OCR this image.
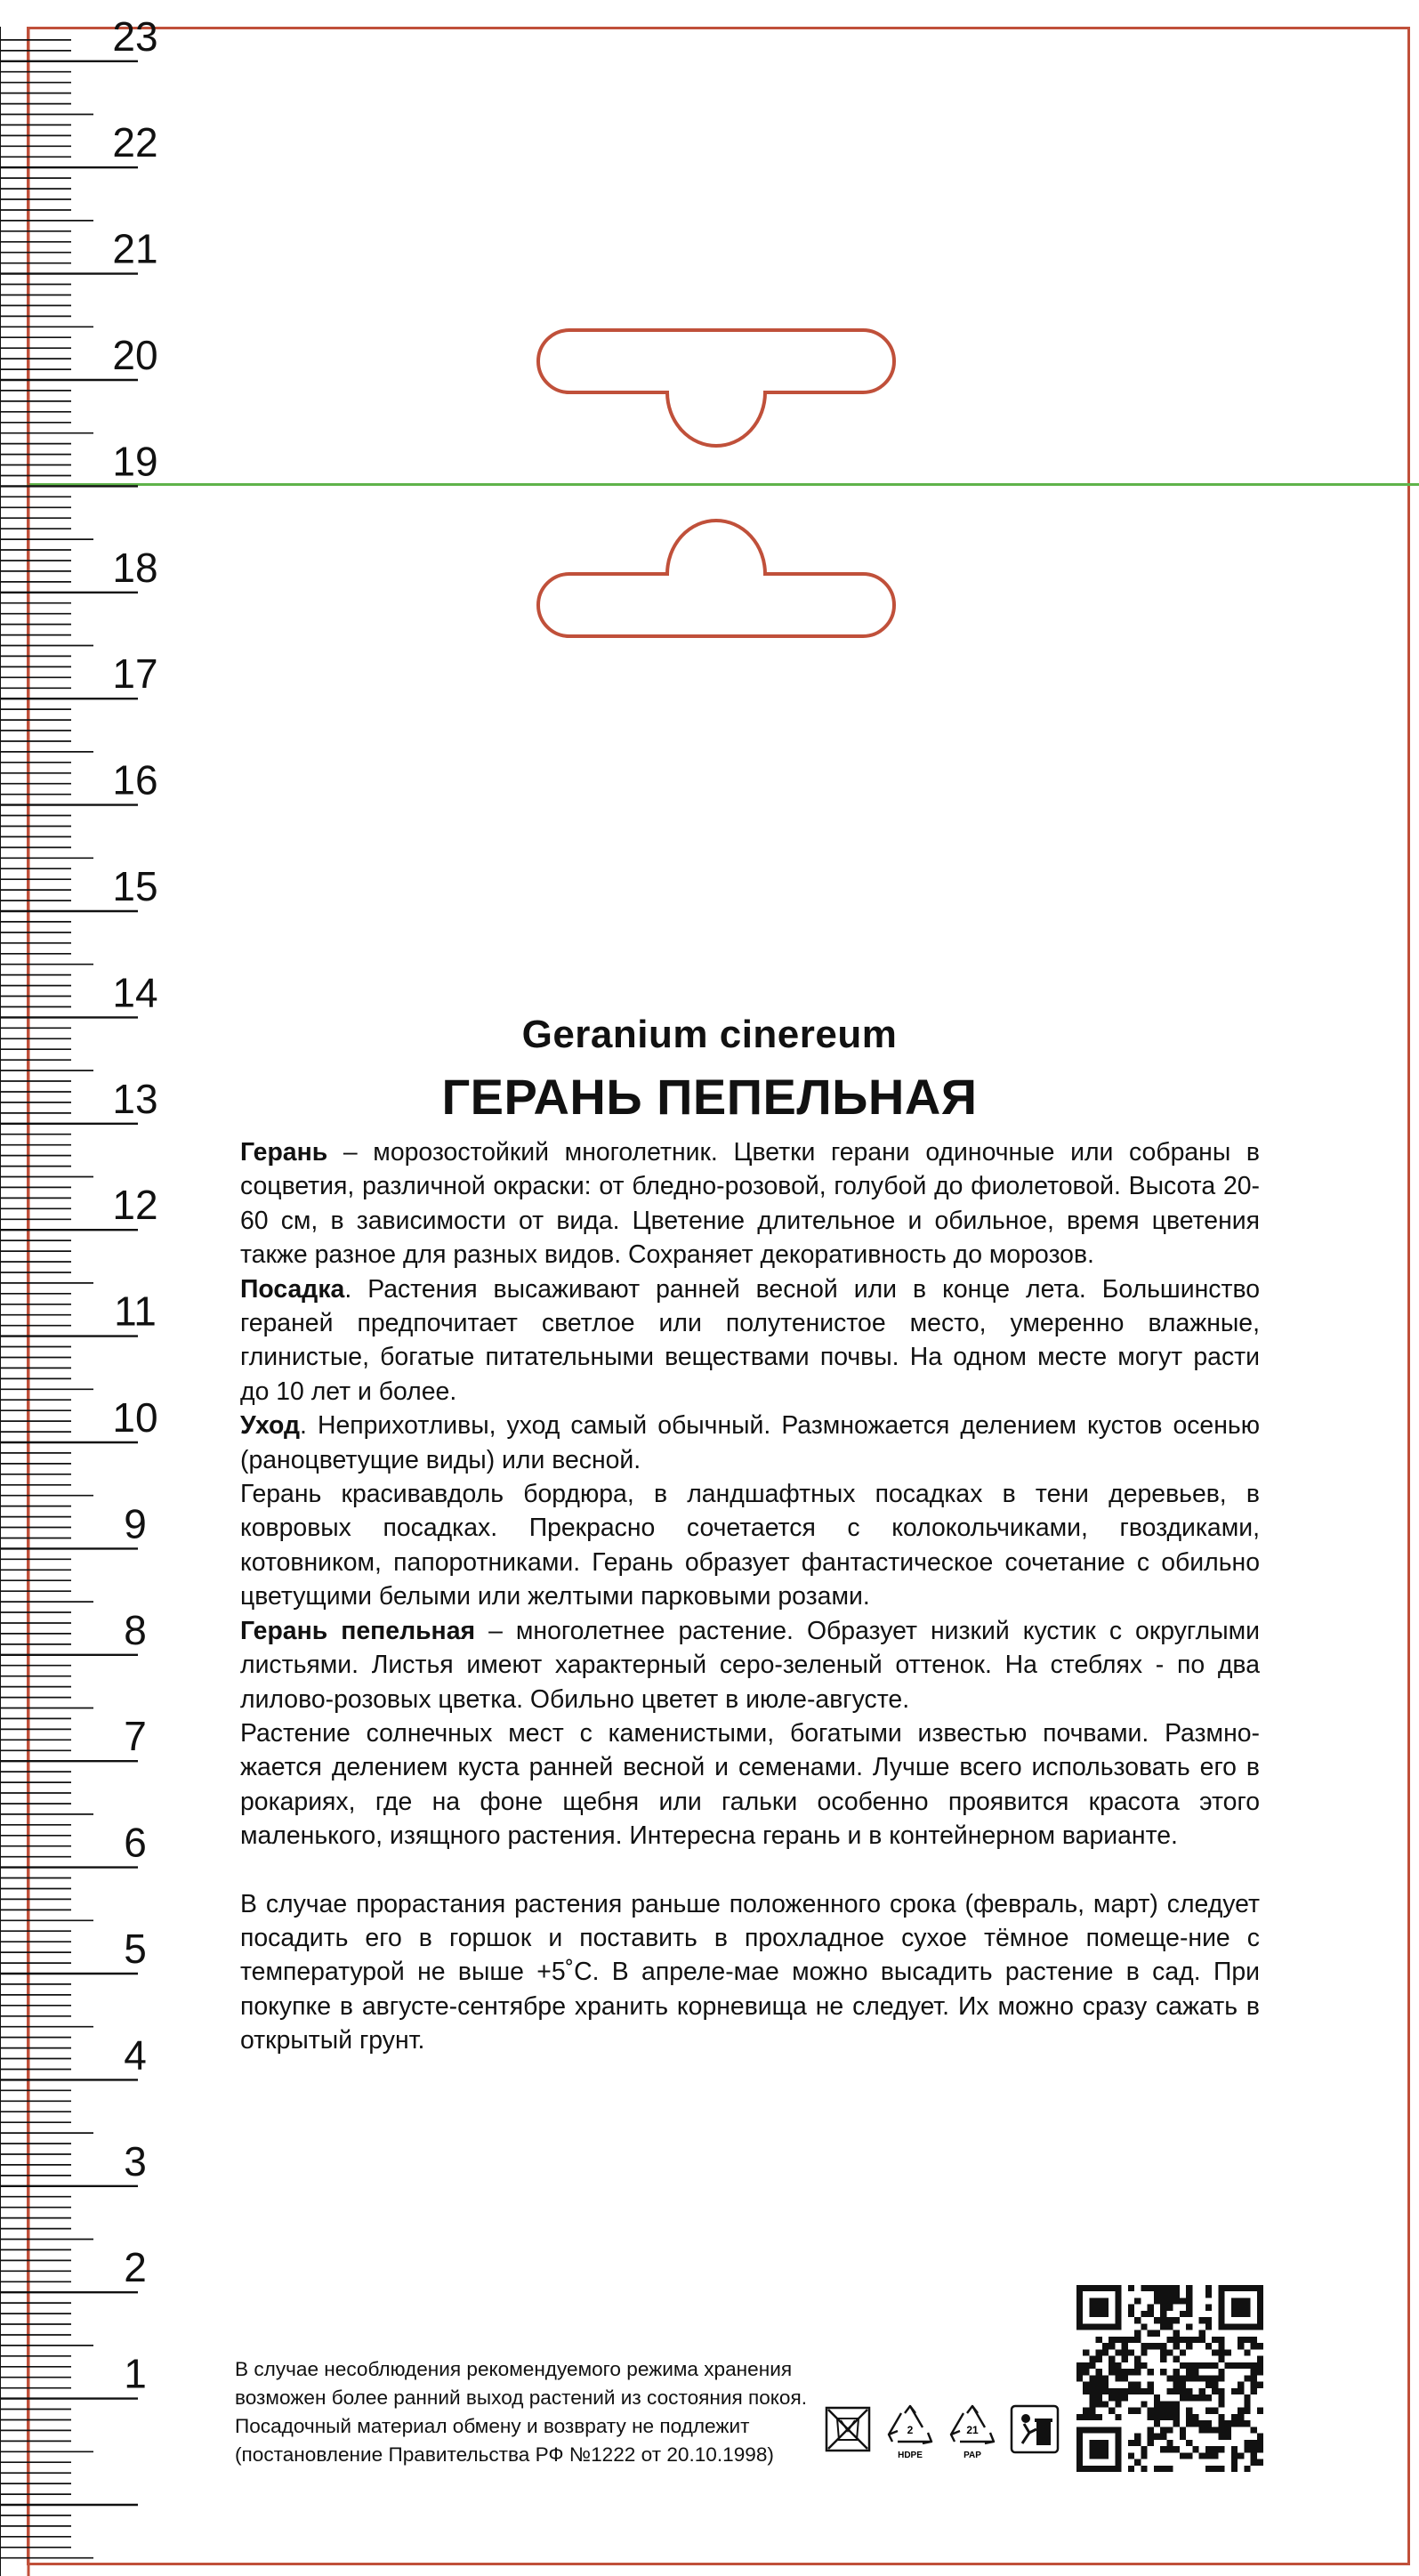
23
22
21
20
19
18
17
16
15
14
13
12
11
10
9
8
7
6
5
4
3
2
1
Geranium cinereum
ГЕРАНЬ ПЕПЕЛЬНАЯ

Герань – морозостойкий многолетник. Цветки герани одиночные или собраны в соцветия, различной окраски: от бледно-розовой, голубой до фиолетовой. Высота 20-60 см, в зависимости от вида. Цветение длительное и обильное, время цветения также разное для разных видов. Сохраняет декоративность до морозов.

Посадка. Растения высаживают ранней весной или в конце лета. Большинство гераней предпочитает светлое или полутенистое место, умеренно влажные, глинистые, богатые питательными веществами почвы. На одном месте могут расти до 10 лет и более.

Уход. Неприхотливы, уход самый обычный. Размножается делением кустов осенью (раноцветущие виды) или весной.

Герань красивавдоль бордюра, в ландшафтных посадках в тени деревьев, в ковровых посадках. Прекрасно сочетается с колокольчиками, гвоздиками, котовником, папоротниками. Герань образует фантастическое сочетание с обильно цветущими белыми или желтыми парковыми розами.

Герань пепельная – многолетнее растение. Образует низкий кустик с округлыми листьями. Листья имеют характерный серо-зеленый оттенок. На стеблях - по два лилово-розовых цветка. Обильно цветет в июле-августе.

Растение солнечных мест с каменистыми, богатыми известью почвами. Размно-жается делением куста ранней весной и семенами. Лучше всего использовать его в рокариях, где на фоне щебня или гальки особенно проявится красота этого маленького, изящного растения. Интересна герань и в контейнерном варианте.

В случае прорастания растения раньше положенного срока (февраль, март) следует посадить его в горшок и поставить в прохладное сухое тёмное помеще-ние с температурой не выше +5˚С. В апреле-мае можно высадить растение в сад. При покупке в августе-сентябре хранить корневища не следует. Их можно сразу сажать в открытый грунт.

В случае несоблюдения рекомендуемого режима хранения
возможен более ранний выход растений из состояния покоя.
Посадочный материал обмену и возврату не подлежит
(постановление Правительства РФ №1222 от 20.10.1998)
2
HDPE
21
PAP
